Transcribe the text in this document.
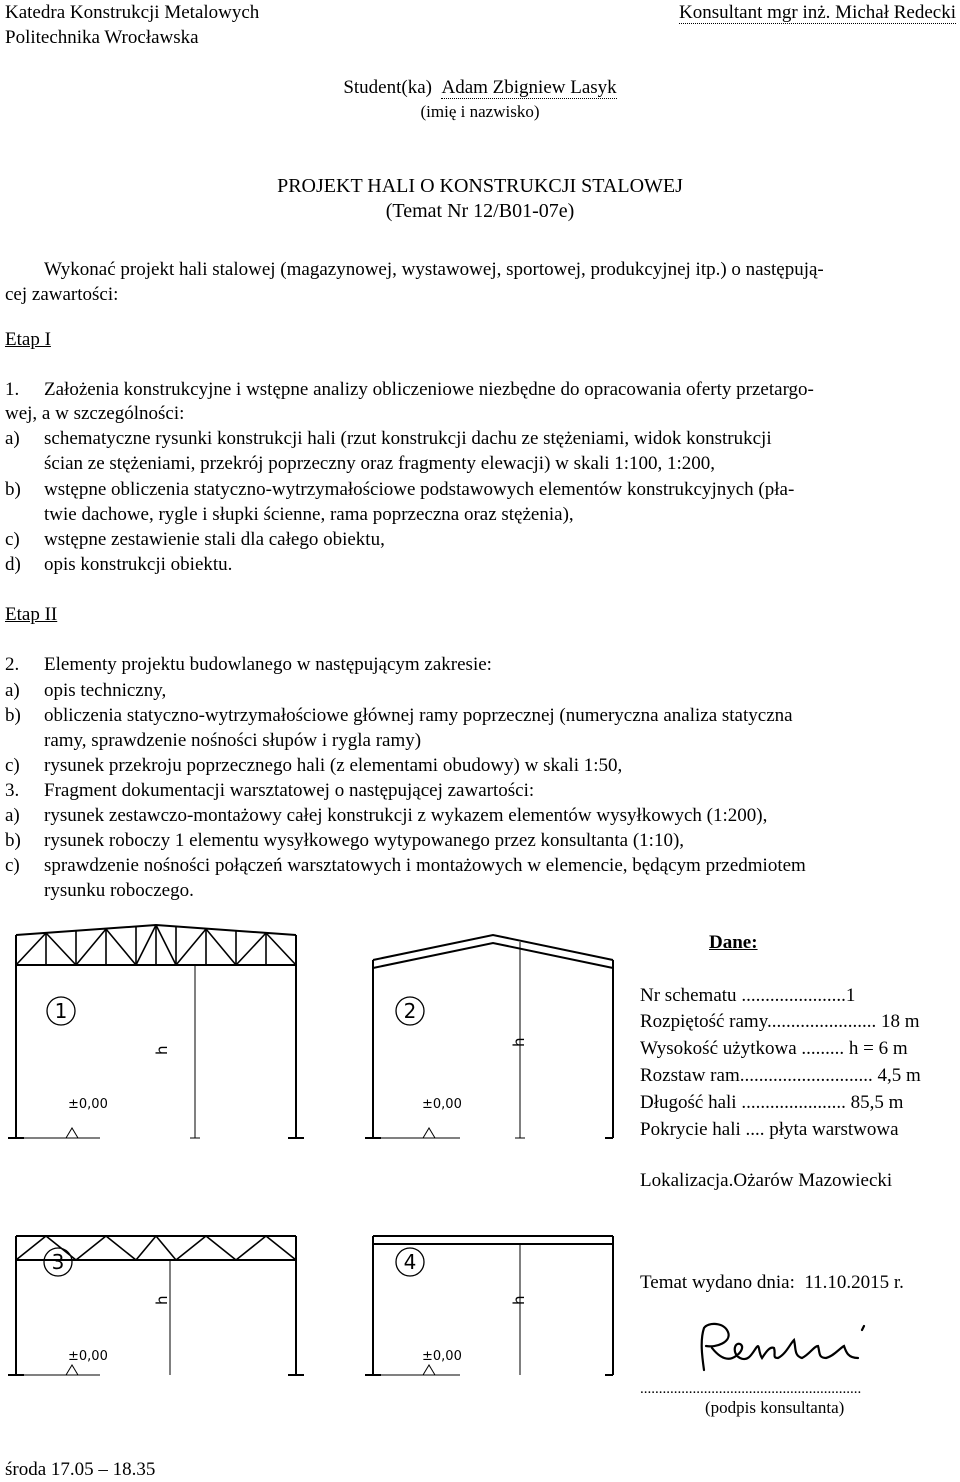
Katedra Konstrukcji Metalowych
Politechnika Wrocławska
Konsultant mgr inż. Michał Redecki
Student(ka) Adam Zbigniew Lasyk
(imię i nazwisko)
PROJEKT HALI O KONSTRUKCJI STALOWEJ
(Temat Nr 12/B01-07e)
Wykonać projekt hali stalowej (magazynowej, wystawowej, sportowej, produkcyjnej itp.) o następują-
cej zawartości:
Etap I
1. Założenia konstrukcyjne i wstępne analizy obliczeniowe niezbędne do opracowania oferty przetargo-
wej, a w szczególności:
a) schematyczne rysunki konstrukcji hali (rzut konstrukcji dachu ze stężeniami, widok konstrukcji
ścian ze stężeniami, przekrój poprzeczny oraz fragmenty elewacji) w skali 1:100, 1:200,
b) wstępne obliczenia statyczno-wytrzymałościowe podstawowych elementów konstrukcyjnych (pła-
twie dachowe, rygle i słupki ścienne, rama poprzeczna oraz stężenia),
c) wstępne zestawienie stali dla całego obiektu,
d) opis konstrukcji obiektu.
Etap II
2. Elementy projektu budowlanego w następującym zakresie:
a) opis techniczny,
b) obliczenia statyczno-wytrzymałościowe głównej ramy poprzecznej (numeryczna analiza statyczna
ramy, sprawdzenie nośności słupów i rygla ramy)
c) rysunek przekroju poprzecznego hali (z elementami obudowy) w skali 1:50,
3. Fragment dokumentacji warsztatowej o następującej zawartości:
a) rysunek zestawczo-montażowy całej konstrukcji z wykazem elementów wysyłkowych (1:200),
b) rysunek roboczy 1 elementu wysyłkowego wytypowanego przez konsultanta (1:10),
c) sprawdzenie nośności połączeń warsztatowych i montażowych w elemencie, będącym przedmiotem
rysunku roboczego.
1	2
3	4
h
h
h	h
±0,00	±0,00
±0,00	±0,00
Dane:
Nr schematu ......................1
Rozpiętość ramy....................... 18 m
Wysokość użytkowa ......... h = 6 m
Rozstaw ram............................ 4,5 m
Długość hali ...................... 85,5 m
Pokrycie hali .... płyta warstwowa
Lokalizacja.Ożarów Mazowiecki
Temat wydano dnia: 11.10.2015 r.
...........................................................
(podpis konsultanta)
środa 17.05 – 18.35
